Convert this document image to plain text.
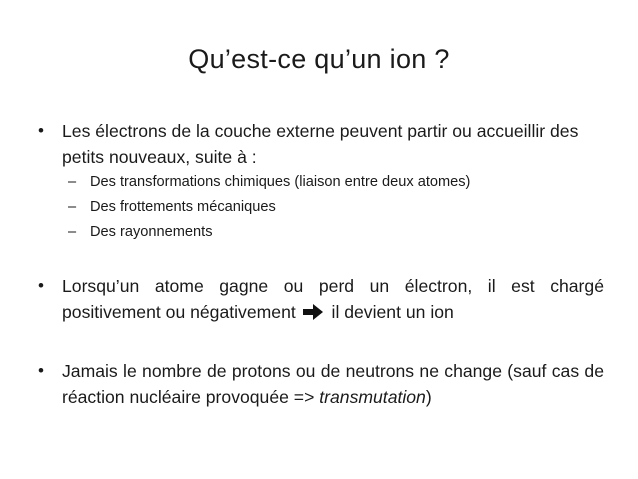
Qu’est-ce qu’un ion ?
• Les électrons de la couche externe peuvent partir ou accueillir des petits nouveaux, suite à :
– Des transformations chimiques (liaison entre deux atomes)
– Des frottements mécaniques
– Des rayonnements
• Lorsqu’un atome gagne ou perd un électron, il est chargé positivement ou négativement il devient un ion
• Jamais le nombre de protons ou de neutrons ne change (sauf cas de réaction nucléaire provoquée => transmutation)
